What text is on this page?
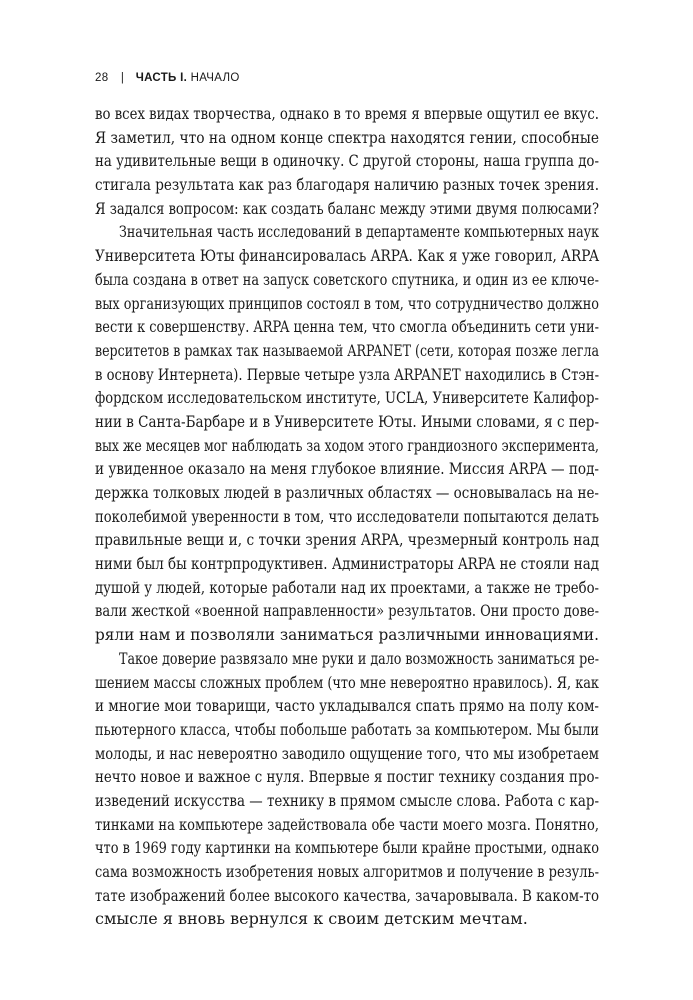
28 | ЧАСТЬ I. НАЧАЛО
во всех видах творчества, однако в то время я впервые ощутил ее вкус.
Я заметил, что на одном конце спектра находятся гении, способные
на удивительные вещи в одиночку. С другой стороны, наша группа до-
стигала результата как раз благодаря наличию разных точек зрения.
Я задался вопросом: как создать баланс между этими двумя полюсами?
Значительная часть исследований в департаменте компьютерных наук
Университета Юты финансировалась ARPA. Как я уже говорил, ARPA
была создана в ответ на запуск советского спутника, и один из ее ключе-
вых организующих принципов состоял в том, что сотрудничество должно
вести к совершенству. ARPA ценна тем, что смогла объединить сети уни-
верситетов в рамках так называемой ARPANET (сети, которая позже легла
в основу Интернета). Первые четыре узла ARPANET находились в Стэн-
фордском исследовательском институте, UCLA, Университете Калифор-
нии в Санта-Барбаре и в Университете Юты. Иными словами, я с пер-
вых же месяцев мог наблюдать за ходом этого грандиозного эксперимента,
и увиденное оказало на меня глубокое влияние. Миссия ARPA — под-
держка толковых людей в различных областях — основывалась на не-
поколебимой уверенности в том, что исследователи попытаются делать
правильные вещи и, с точки зрения ARPA, чрезмерный контроль над
ними был бы контрпродуктивен. Администраторы ARPA не стояли над
душой у людей, которые работали над их проектами, а также не требо-
вали жесткой «военной направленности» результатов. Они просто дове-
ряли нам и позволяли заниматься различными инновациями.
Такое доверие развязало мне руки и дало возможность заниматься ре-
шением массы сложных проблем (что мне невероятно нравилось). Я, как
и многие мои товарищи, часто укладывался спать прямо на полу ком-
пьютерного класса, чтобы побольше работать за компьютером. Мы были
молоды, и нас невероятно заводило ощущение того, что мы изобретаем
нечто новое и важное с нуля. Впервые я постиг технику создания про-
изведений искусства — технику в прямом смысле слова. Работа с кар-
тинками на компьютере задействовала обе части моего мозга. Понятно,
что в 1969 году картинки на компьютере были крайне простыми, однако
сама возможность изобретения новых алгоритмов и получение в резуль-
тате изображений более высокого качества, зачаровывала. В каком-то
смысле я вновь вернулся к своим детским мечтам.
